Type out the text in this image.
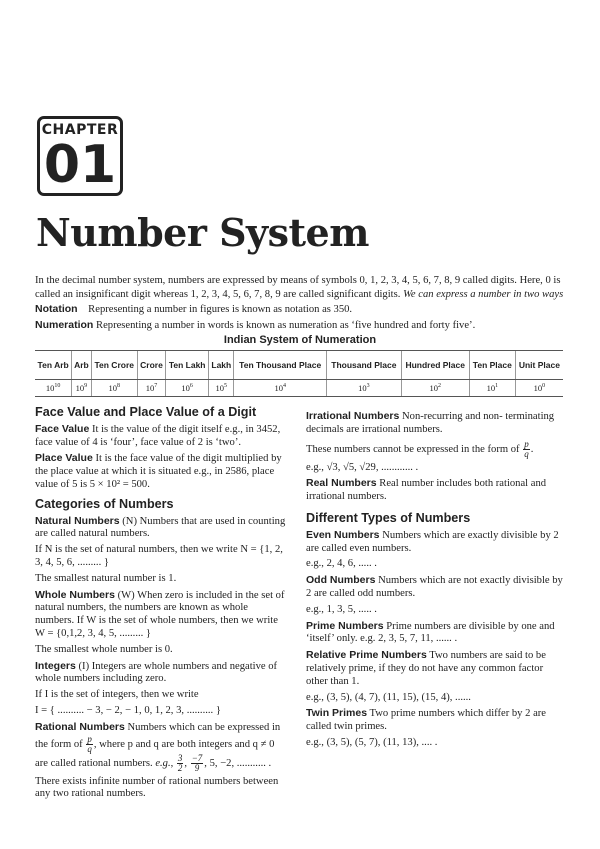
CHAPTER
01
Number System

In the decimal number system, numbers are expressed by means of symbols 0, 1, 2, 3, 4, 5, 6, 7, 8, 9 called digits. Here, 0 is called an insignificant digit whereas 1, 2, 3, 4, 5, 6, 7, 8, 9 are called significant digits. We can express a number in two ways

Notation Representing a number in figures is known as notation as 350.

Numeration Representing a number in words is known as numeration as ‘five hundred and forty five’.

Indian System of Numeration
Ten Arb	Arb	Ten Crore	Crore	Ten Lakh	Lakh	Ten Thousand Place	Thousand Place	Hundred Place	Ten Place	Unit Place
$10^{10}$	$10^9$	$10^8$	$10^7$	$10^6$	$10^5$	$10^4$	$10^3$	$10^2$	$10^1$	$10^0$
Face Value and Place Value of a Digit

Face Value It is the value of the digit itself e.g., in 3452, face value of 4 is ‘four’, face value of 2 is ‘two’.

Place Value It is the face value of the digit multiplied by the place value at which it is situated e.g., in 2586, place value of 5 is 5 × 10² = 500.

Categories of Numbers

Natural Numbers (N) Numbers that are used in counting are called natural numbers.

If N is the set of natural numbers, then we write N = {1, 2, 3, 4, 5, 6, ......... }

The smallest natural number is 1.

Whole Numbers (W) When zero is included in the set of natural numbers, the numbers are known as whole numbers. If W is the set of whole numbers, then we write W = {0,1,2, 3, 4, 5, ......... }

The smallest whole number is 0.

Integers (I) Integers are whole numbers and negative of whole numbers including zero.

If I is the set of integers, then we write

I = { .......... − 3, − 2, − 1, 0, 1, 2, 3, .......... }

Rational Numbers Numbers which can be expressed in the form of $\frac{p}{q}$ , where p and q are both integers and q ≠ 0 are called rational numbers. e.g., $\frac{3}{2}$ , $\frac{-7}{9}$ , 5, −2, ........... .

There exists infinite number of rational numbers between any two rational numbers.

Irrational Numbers Non-recurring and non- terminating decimals are irrational numbers.

These numbers cannot be expressed in the form of $\frac{p}{q}$ .

e.g., √3, √5, √29, ............ .

Real Numbers Real number includes both rational and irrational numbers.

Different Types of Numbers

Even Numbers Numbers which are exactly divisible by 2 are called even numbers.

e.g., 2, 4, 6, ..... .

Odd Numbers Numbers which are not exactly divisible by 2 are called odd numbers.

e.g., 1, 3, 5, ..... .

Prime Numbers Prime numbers are divisible by one and ‘itself’ only. e.g. 2, 3, 5, 7, 11, ...... .

Relative Prime Numbers Two numbers are said to be relatively prime, if they do not have any common factor other than 1.

e.g., (3, 5), (4, 7), (11, 15), (15, 4), ......

Twin Primes Two prime numbers which differ by 2 are called twin primes.

e.g., (3, 5), (5, 7), (11, 13), .... .
